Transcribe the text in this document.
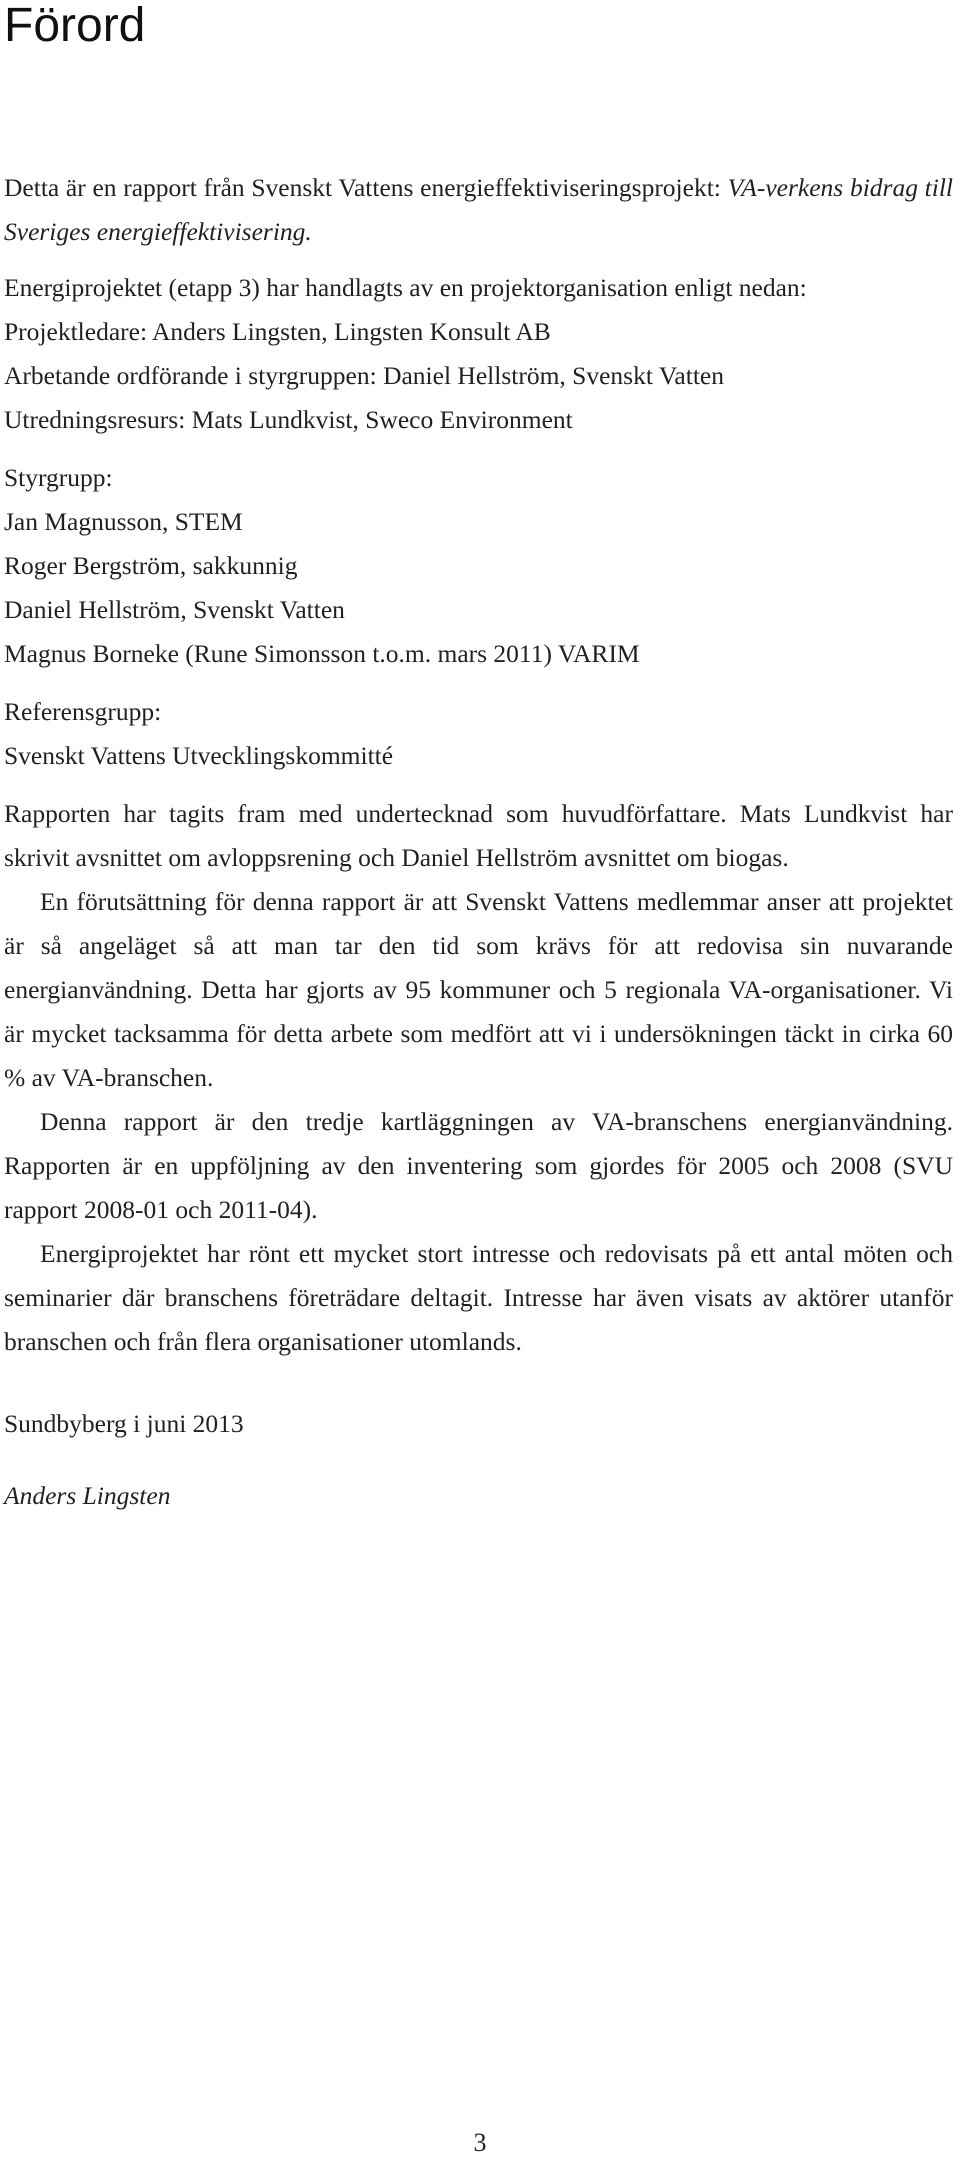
Förord

Detta är en rapport från Svenskt Vattens energieffektiviseringsprojekt: VA-verkens bidrag till Sveriges energieffektivisering.

Energiprojektet (etapp 3) har handlagts av en projektorganisation enligt nedan:

Projektledare: Anders Lingsten, Lingsten Konsult AB

Arbetande ordförande i styrgruppen: Daniel Hellström, Svenskt Vatten

Utredningsresurs: Mats Lundkvist, Sweco Environment

Styrgrupp:

Jan Magnusson, STEM

Roger Bergström, sakkunnig

Daniel Hellström, Svenskt Vatten

Magnus Borneke (Rune Simonsson t.o.m. mars 2011) VARIM

Referensgrupp:

Svenskt Vattens Utvecklingskommitté

Rapporten har tagits fram med undertecknad som huvudförfattare. Mats Lundkvist har skrivit avsnittet om avloppsrening och Daniel Hellström avsnittet om biogas.

En förutsättning för denna rapport är att Svenskt Vattens medlemmar anser att projektet är så angeläget så att man tar den tid som krävs för att redovisa sin nuvarande energianvändning. Detta har gjorts av 95 kommuner och 5 regionala VA-organisationer. Vi är mycket tacksamma för detta arbete som medfört att vi i undersökningen täckt in cirka 60 % av VA-branschen.

Denna rapport är den tredje kartläggningen av VA-branschens energianvändning. Rapporten är en uppföljning av den inventering som gjordes för 2005 och 2008 (SVU rapport 2008-01 och 2011-04).

Energiprojektet har rönt ett mycket stort intresse och redovisats på ett antal möten och seminarier där branschens företrädare deltagit. Intresse har även visats av aktörer utanför branschen och från flera organisationer utomlands.

Sundbyberg i juni 2013

Anders Lingsten

3
